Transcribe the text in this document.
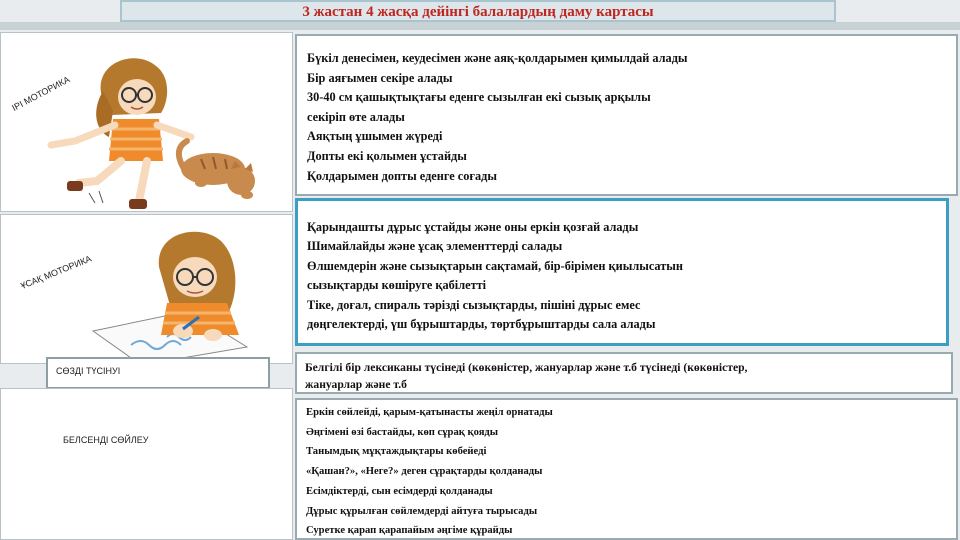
3 жастан 4 жасқа дейінгі балалардың даму картасы
ІРІ МОТОРИКА
Бүкіл денесімен, кеудесімен және аяқ-қолдарымен қимылдай алады
Бір аяғымен секіре алады
30-40 см қашықтықтағы еденге сызылған екі сызық арқылы
секіріп өте алады
Аяқтың ұшымен жүреді
Допты екі қолымен ұстайды
Қолдарымен допты еденге соғады
ҰСАҚ МОТОРИКА
Қарындашты дұрыс ұстайды және оны еркін қозғай алады
Шимайлайды және ұсақ элементтерді салады
Өлшемдерін және сызықтарын сақтамай, бір-бірімен қиылысатын
сызықтарды көшіруге қабілетті
Тіке, доғал, спираль тәрізді сызықтарды, пішіні дұрыс емес
дөңгелектерді, үш бұрыштарды, төртбұрыштарды сала алады
СӨЗДІ ТҮСІНУІ	Белгілі бір лексиканы түсінеді (көкөністер, жануарлар және т.б түсінеді (көкөністер,
жануарлар және т.б
БЕЛСЕНДІ СӨЙЛЕУ
Еркін сөйлейді, қарым-қатынасты жеңіл орнатады
Әңгімені өзі бастайды, көп сұрақ қояды
Танымдық мұқтаждықтары көбейеді
«Қашан?», «Неге?» деген сұрақтарды қолданады
Есімдіктерді, сын есімдерді қолданады
Дұрыс құрылған сөйлемдерді айтуға тырысады
Суретке қарап қарапайым әңгіме құрайды
